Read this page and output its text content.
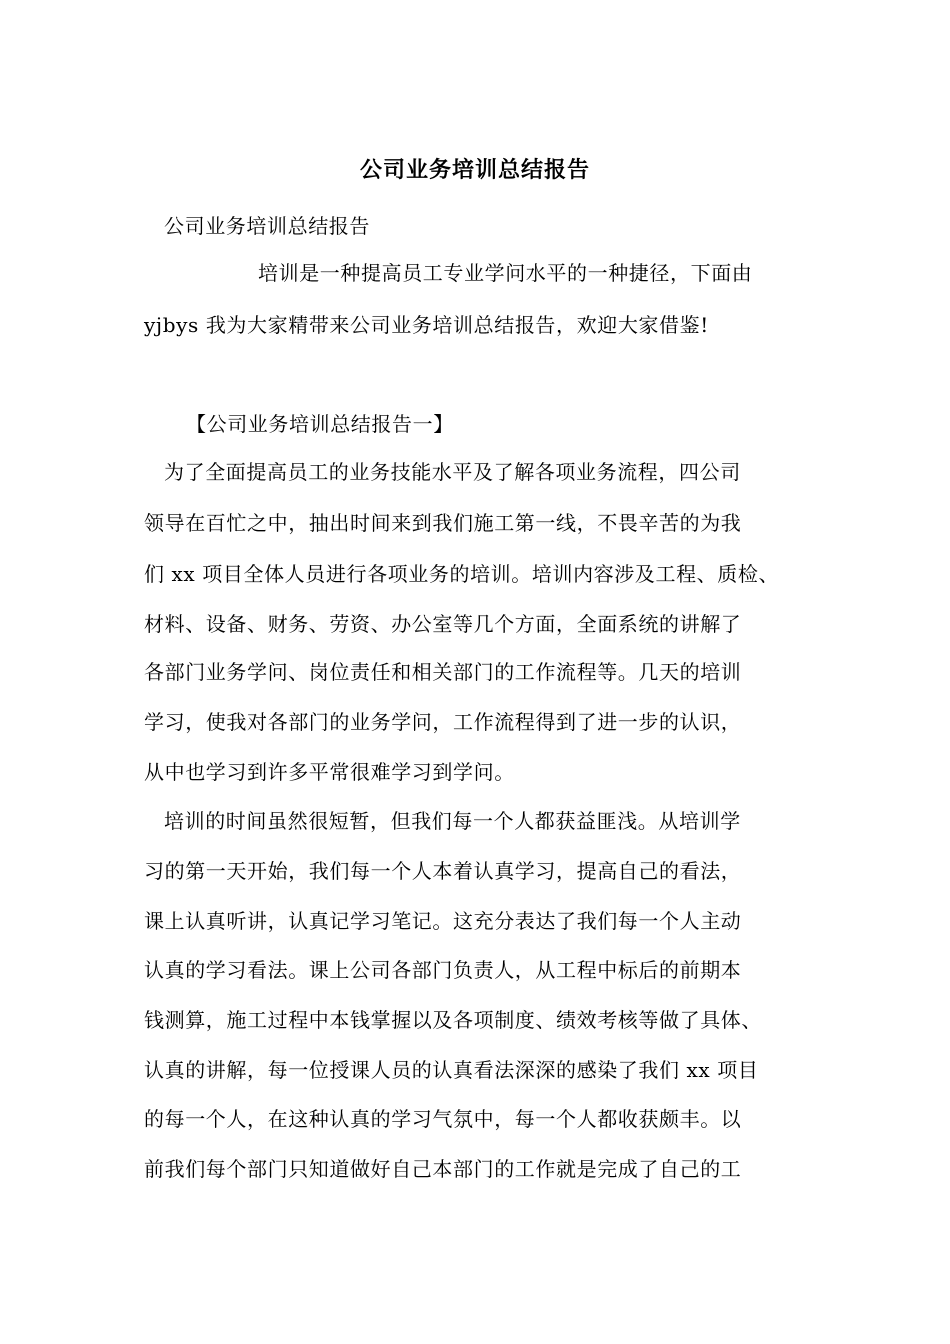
公司业务培训总结报告
公司业务培训总结报告
培训是一种提高员工专业学问水平的一种捷径，下面由
yjbys 我为大家精带来公司业务培训总结报告，欢迎大家借鉴!
【公司业务培训总结报告一】
为了全面提高员工的业务技能水平及了解各项业务流程，四公司
领导在百忙之中，抽出时间来到我们施工第一线，不畏辛苦的为我
们 xx 项目全体人员进行各项业务的培训。培训内容涉及工程、质检、
材料、设备、财务、劳资、办公室等几个方面，全面系统的讲解了
各部门业务学问、岗位责任和相关部门的工作流程等。几天的培训
学习，使我对各部门的业务学问，工作流程得到了进一步的认识，
从中也学习到许多平常很难学习到学问。
培训的时间虽然很短暂，但我们每一个人都获益匪浅。从培训学
习的第一天开始，我们每一个人本着认真学习，提高自己的看法，
课上认真听讲，认真记学习笔记。这充分表达了我们每一个人主动
认真的学习看法。课上公司各部门负责人，从工程中标后的前期本
钱测算，施工过程中本钱掌握以及各项制度、绩效考核等做了具体、
认真的讲解，每一位授课人员的认真看法深深的感染了我们 xx 项目
的每一个人，在这种认真的学习气氛中，每一个人都收获颇丰。以
前我们每个部门只知道做好自己本部门的工作就是完成了自己的工
